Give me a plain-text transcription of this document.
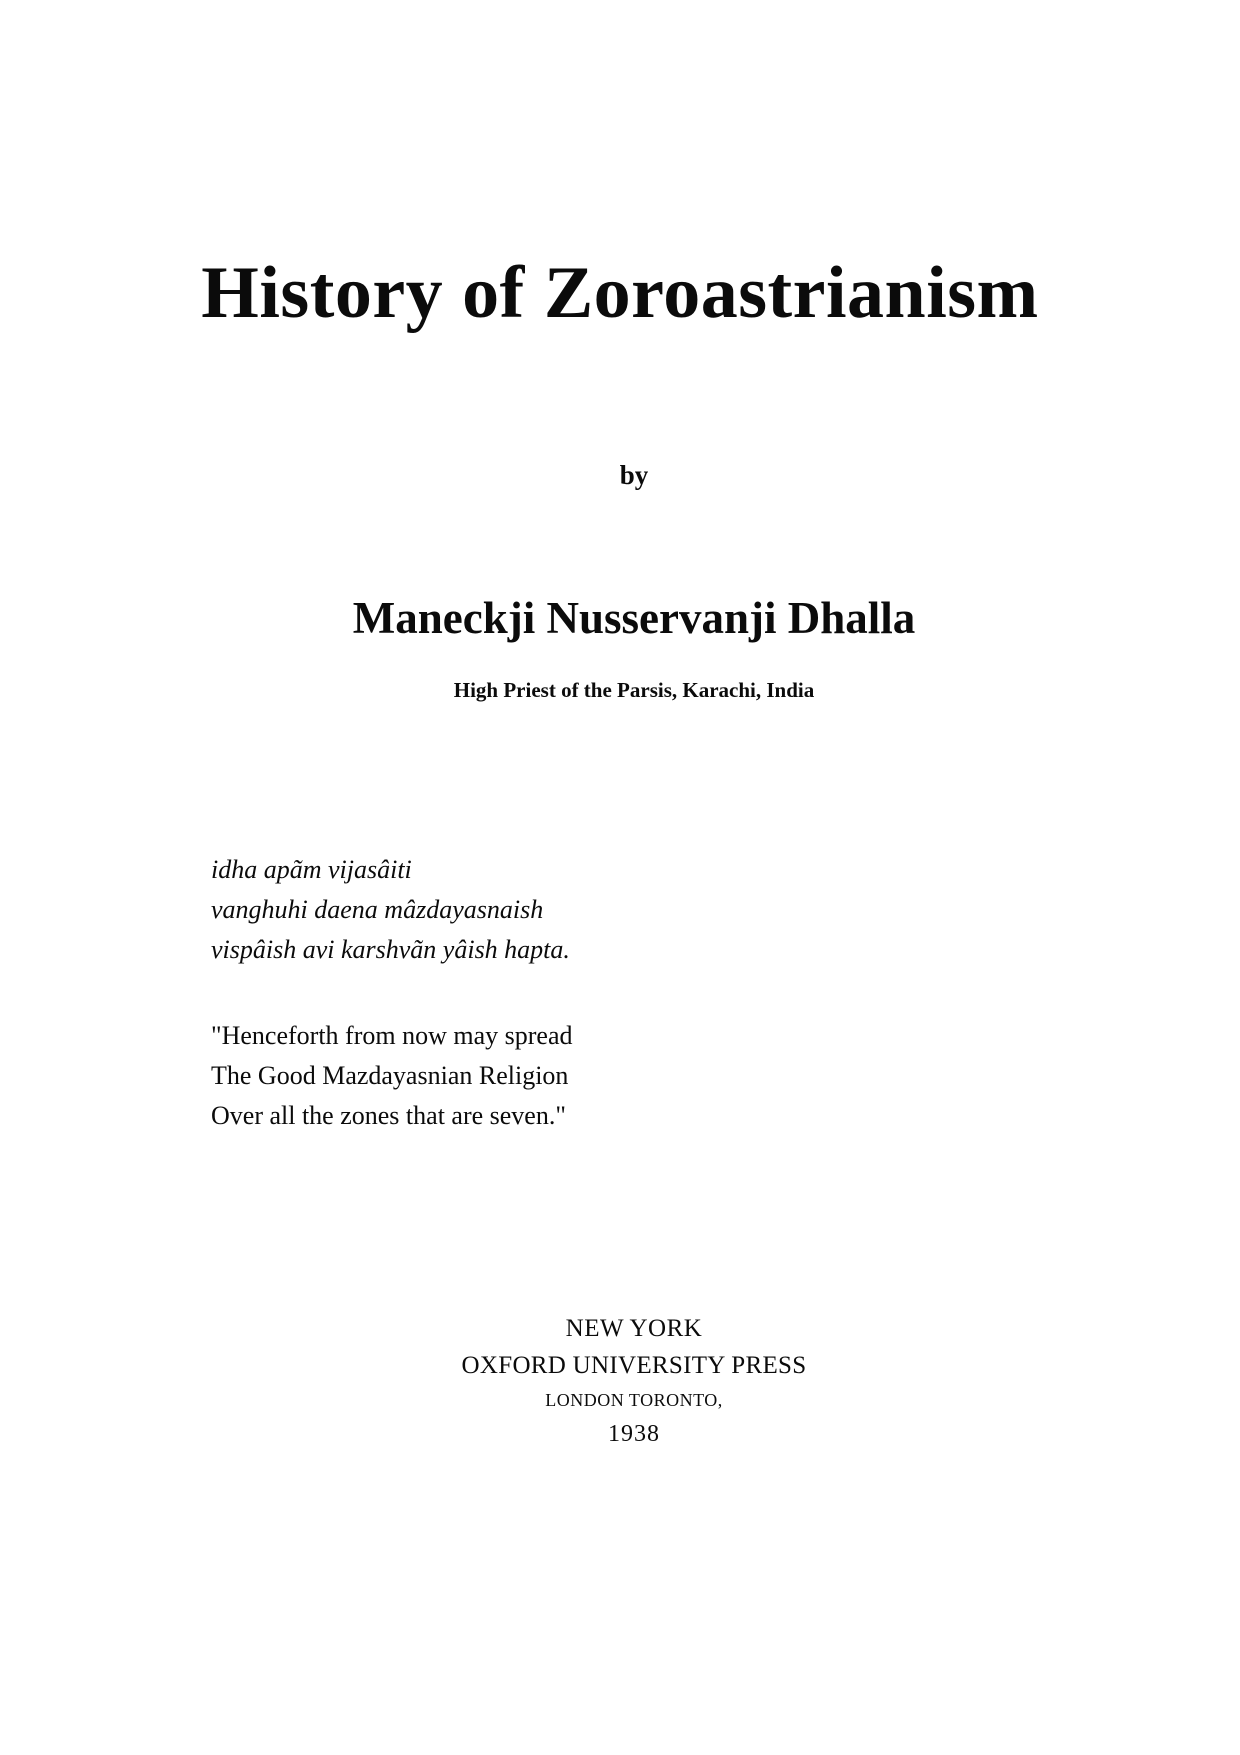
History of Zoroastrianism
by
Maneckji Nusservanji Dhalla
High Priest of the Parsis, Karachi, India
idha apãm vijasâiti
vanghuhi daena mâzdayasnaish
vispâish avi karshvãn yâish hapta.
"Henceforth from now may spread
The Good Mazdayasnian Religion
Over all the zones that are seven."
NEW YORK
OXFORD UNIVERSITY PRESS
LONDON TORONTO,
1938
